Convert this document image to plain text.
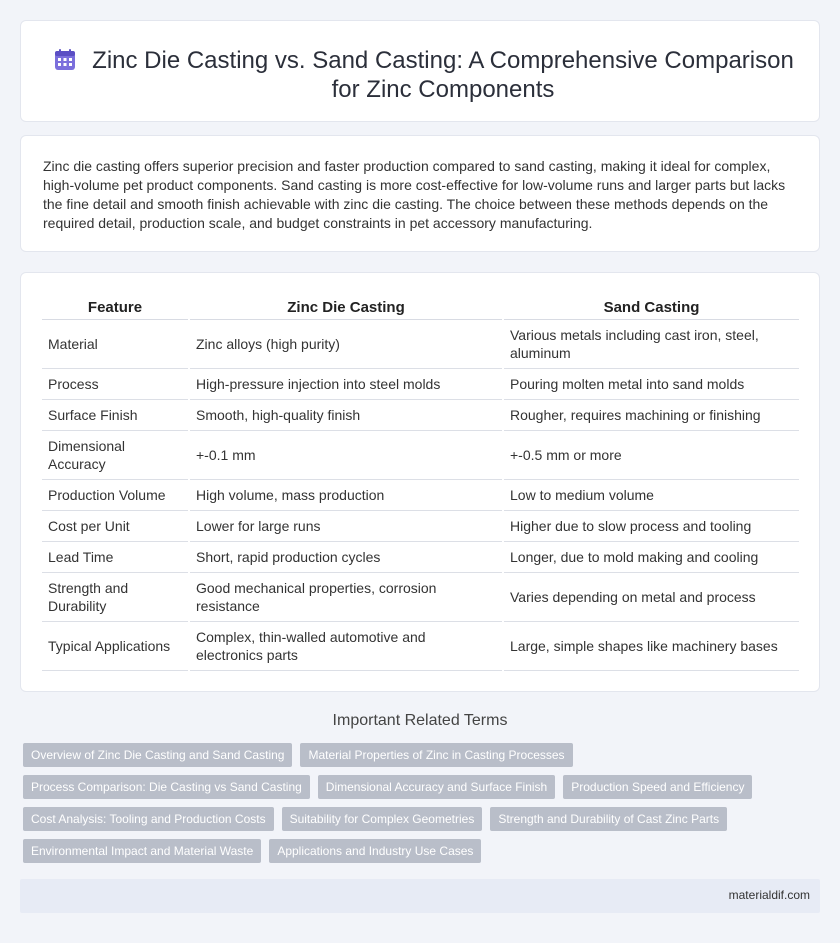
Zinc Die Casting vs. Sand Casting: A Comprehensive Comparison for Zinc Components

Zinc die casting offers superior precision and faster production compared to sand casting, making it ideal for complex, high-volume pet product components. Sand casting is more cost-effective for low-volume runs and larger parts but lacks the fine detail and smooth finish achievable with zinc die casting. The choice between these methods depends on the required detail, production scale, and budget constraints in pet accessory manufacturing.

Feature	Zinc Die Casting	Sand Casting
Material	Zinc alloys (high purity)	Various metals including cast iron, steel, aluminum
Process	High-pressure injection into steel molds	Pouring molten metal into sand molds
Surface Finish	Smooth, high-quality finish	Rougher, requires machining or finishing
Dimensional Accuracy	+-0.1 mm	+-0.5 mm or more
Production Volume	High volume, mass production	Low to medium volume
Cost per Unit	Lower for large runs	Higher due to slow process and tooling
Lead Time	Short, rapid production cycles	Longer, due to mold making and cooling
Strength and Durability	Good mechanical properties, corrosion resistance	Varies depending on metal and process
Typical Applications	Complex, thin-walled automotive and electronics parts	Large, simple shapes like machinery bases
Important Related Terms
Overview of Zinc Die Casting and Sand Casting	Material Properties of Zinc in Casting Processes
Process Comparison: Die Casting vs Sand Casting	Dimensional Accuracy and Surface Finish	Production Speed and Efficiency
Cost Analysis: Tooling and Production Costs	Suitability for Complex Geometries	Strength and Durability of Cast Zinc Parts
Environmental Impact and Material Waste	Applications and Industry Use Cases
materialdif.com
